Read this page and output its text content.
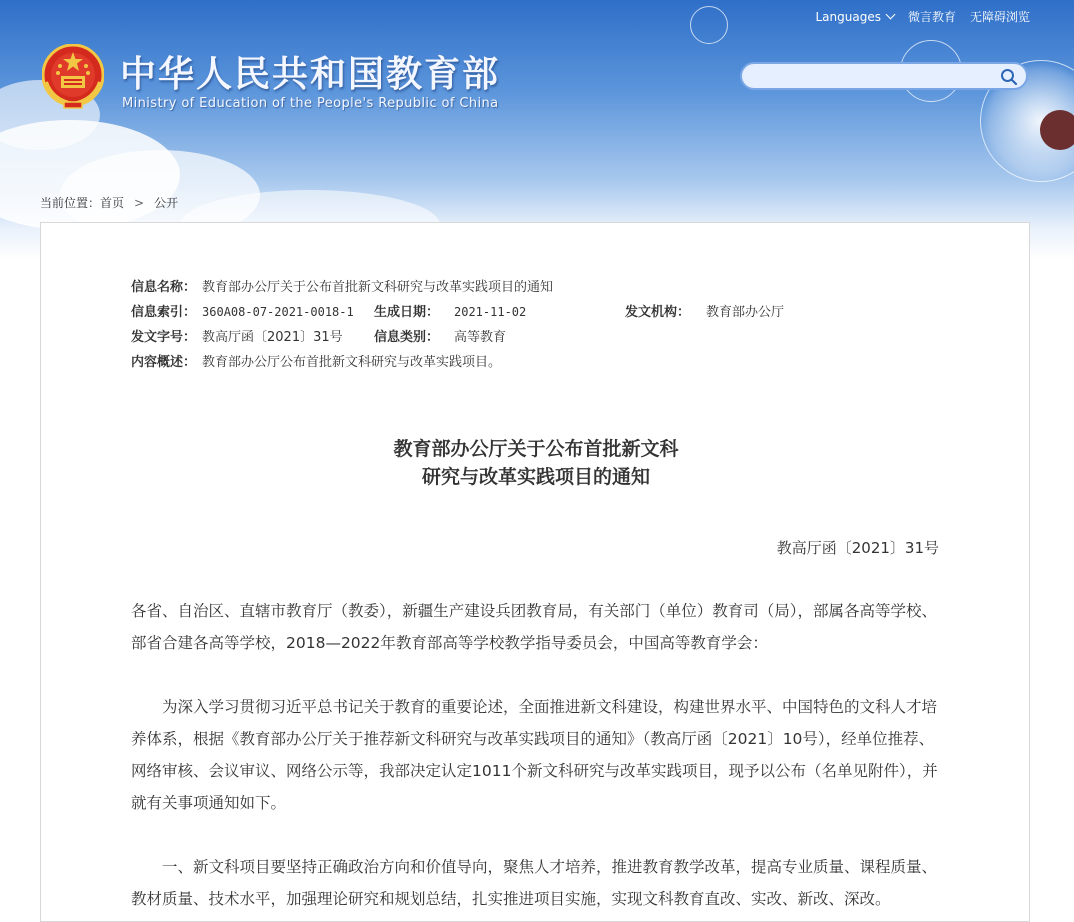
Languages	微言教育 无障碍浏览
中华人民共和国教育部
Ministry of Education of the People's Republic of China
当前位置：首页 > 公开
信息名称： 教育部办公厅关于公布首批新文科研究与改革实践项目的通知
信息索引： 360A08-07-2021-0018-1 生成日期： 2021-11-02	发文机构： 教育部办公厅
发文字号： 教高厅函〔2021〕31号 信息类别： 高等教育
内容概述： 教育部办公厅公布首批新文科研究与改革实践项目。
教育部办公厅关于公布首批新文科
研究与改革实践项目的通知
教高厅函〔2021〕31号
各省、自治区、直辖市教育厅（教委），新疆生产建设兵团教育局，有关部门（单位）教育司（局），部属各高等学校、部省合建各高等学校，2018—2022年教育部高等学校教学指导委员会，中国高等教育学会：
为深入学习贯彻习近平总书记关于教育的重要论述，全面推进新文科建设，构建世界水平、中国特色的文科人才培养体系，根据《教育部办公厅关于推荐新文科研究与改革实践项目的通知》（教高厅函〔2021〕10号），经单位推荐、网络审核、会议审议、网络公示等，我部决定认定1011个新文科研究与改革实践项目，现予以公布（名单见附件），并就有关事项通知如下。
一、新文科项目要坚持正确政治方向和价值导向，聚焦人才培养，推进教育教学改革，提高专业质量、课程质量、教材质量、技术水平，加强理论研究和规划总结，扎实推进项目实施，实现文科教育直改、实改、新改、深改。
